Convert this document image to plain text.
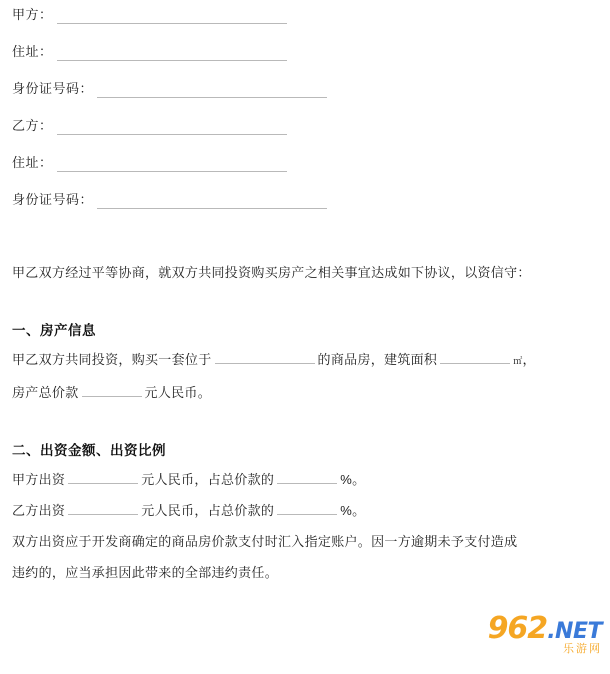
甲方：
住址：
身份证号码：
乙方：
住址：
身份证号码：
甲乙双方经过平等协商，就双方共同投资购买房产之相关事宜达成如下协议，以资信守：
一、房产信息
甲乙双方共同投资，购买一套位于	的商品房，建筑面积	㎡ ，
房产总价款	元人民币。
二、出资金额、出资比例
甲方出资	元人民币，占总价款的	%。
乙方出资	元人民币，占总价款的	%。
双方出资应于开发商确定的商品房价款支付时汇入指定账户。因一方逾期未予支付造成
违约的，应当承担因此带来的全部违约责任。
962 .NET
乐游网
